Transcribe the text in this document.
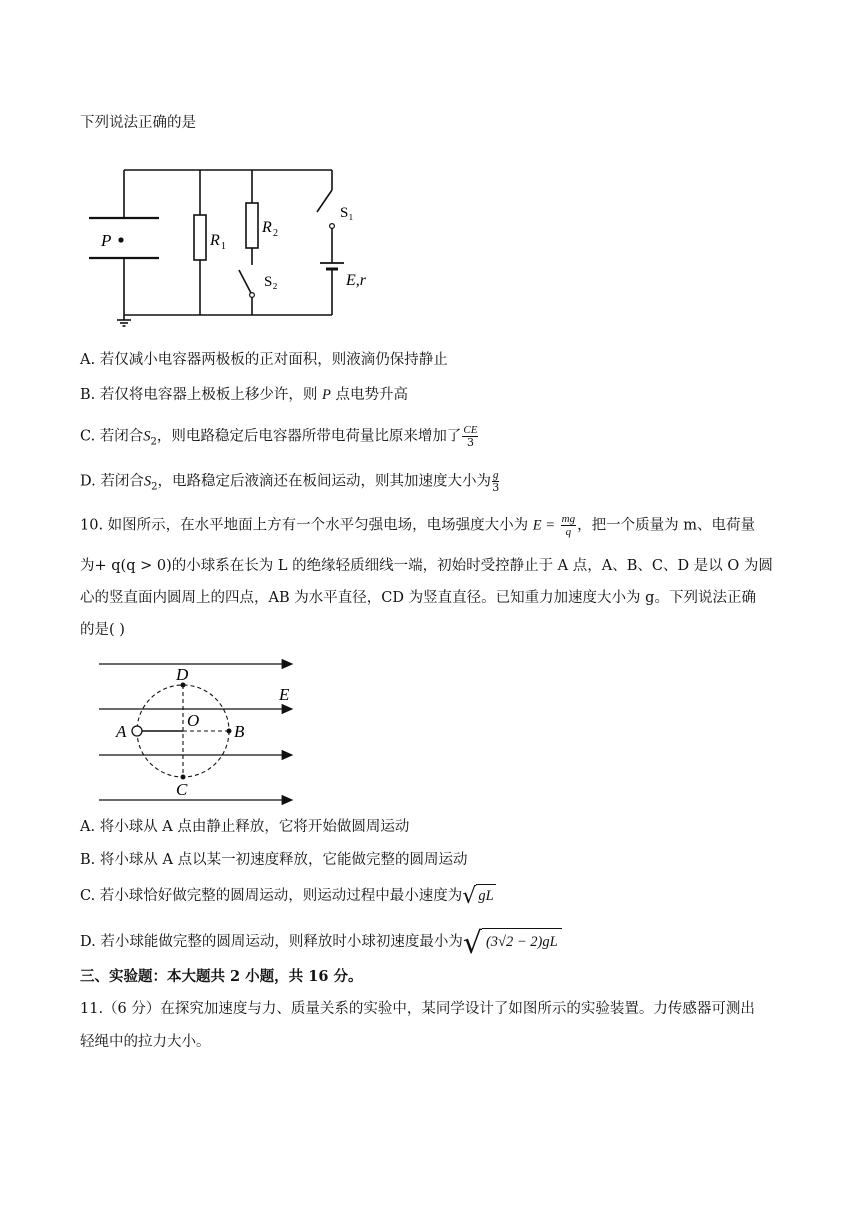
下列说法正确的是
P	R 1
R 2
S₁
S₂	E,r
A. 若仅减小电容器两极板的正对面积，则液滴仍保持静止
B. 若仅将电容器上极板上移少许，则 P 点电势升高
C. 若闭合$S_2$，则电路稳定后电容器所带电荷量比原来增加了 $\frac{CE}{3}$
D. 若闭合$S_2$，电路稳定后液滴还在板间运动，则其加速度大小为 $\frac{g}{3}$
10. 如图所示，在水平地面上方有一个水平匀强电场，电场强度大小为 $E = \frac{mg}{q}$ ，把一个质量为 m、电荷量
为+ q(q > 0)的小球系在长为 L 的绝缘轻质细线一端，初始时受控静止于 A 点，A、B、C、D 是以 O 为圆
心的竖直面内圆周上的四点，AB 为水平直径，CD 为竖直直径。已知重力加速度大小为 g。下列说法正确
的是( )
D
E
O
A	B
C
A. 将小球从 A 点由静止释放，它将开始做圆周运动
B. 将小球从 A 点以某一初速度释放，它能做完整的圆周运动
C. 若小球恰好做完整的圆周运动，则运动过程中最小速度为√ gL
D. 若小球能做完整的圆周运动，则释放时小球初速度最小为√ (3√2 − 2)gL
三、实验题：本大题共 2 小题，共 16 分。
11.（6 分）在探究加速度与力、质量关系的实验中，某同学设计了如图所示的实验装置。力传感器可测出
轻绳中的拉力大小。
